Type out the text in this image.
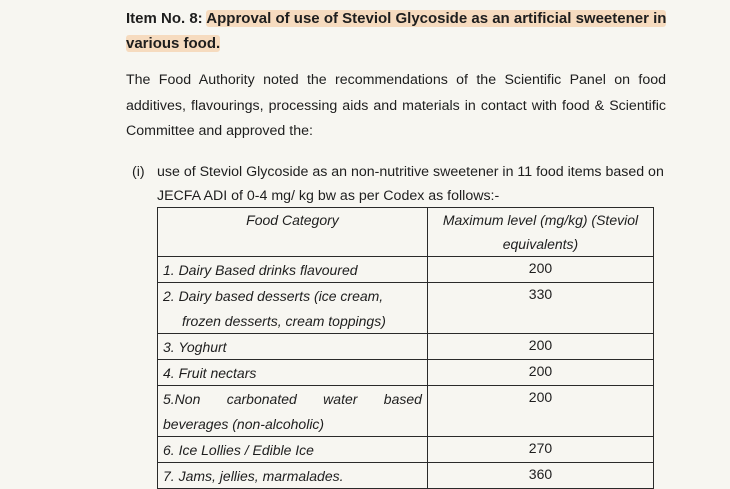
Item No. 8: Approval of use of Steviol Glycoside as an artificial sweetener in
various food.
The Food Authority noted the recommendations of the Scientific Panel on food additives, flavourings, processing aids and materials in contact with food & Scientific Committee and approved the:
(i) use of Steviol Glycoside as an non-nutritive sweetener in 11 food items based on JECFA ADI of 0-4 mg/ kg bw as per Codex as follows:-
Food Category	Maximum level (mg/kg) (Steviol equivalents)

1. Dairy Based drinks flavoured	200

2. Dairy based desserts (ice cream,
frozen desserts, cream toppings)	330

3. Yoghurt	200

4. Fruit nectars	200

5.Non carbonated water based
beverages (non-alcoholic)	200

6. Ice Lollies / Edible Ice	270

7. Jams, jellies, marmalades.	360
